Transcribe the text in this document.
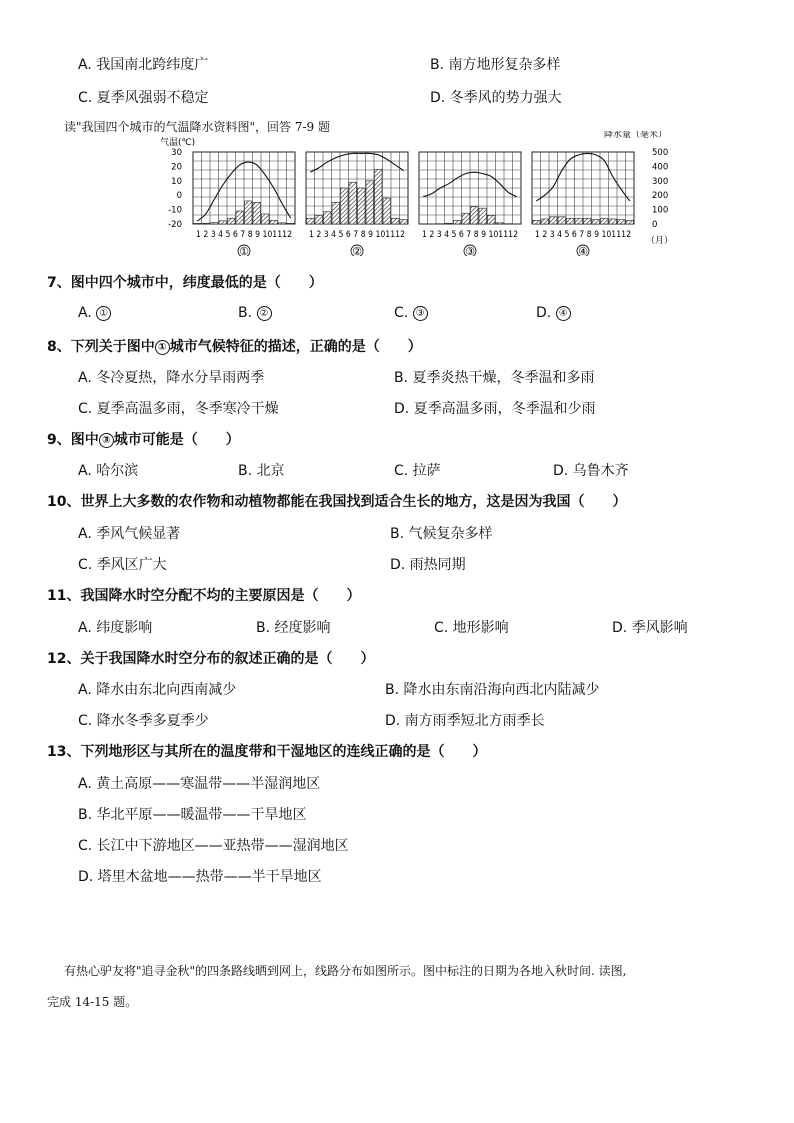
A. 我国南北跨纬度广	B. 南方地形复杂多样
C. 夏季风强弱不稳定	D. 冬季风的势力强大
读"我国四个城市的气温降水资料图"，回答 7-9 题
气温(℃)
降水量（毫米）
30
20
10
0
-10
-20
500
400
300
200
100
0
1 2 3 4 5 6 7 8 9 101112
①
1 2 3 4 5 6 7 8 9 101112
②
1 2 3 4 5 6 7 8 9 101112
③
1 2 3 4 5 6 7 8 9 101112
④
（月）
7、图中四个城市中，纬度最低的是（　　）
A. ①	B. ②	C. ③	D. ④
8、下列关于图中 ① 城市气候特征的描述，正确的是（　　）
A. 冬冷夏热，降水分旱雨两季	B. 夏季炎热干燥，冬季温和多雨
C. 夏季高温多雨，冬季寒冷干燥	D. 夏季高温多雨，冬季温和少雨
9、图中 ③ 城市可能是（　　）
A. 哈尔滨	B. 北京	C. 拉萨	D. 乌鲁木齐
10、世界上大多数的农作物和动植物都能在我国找到适合生长的地方，这是因为我国（　　）
A. 季风气候显著	B. 气候复杂多样
C. 季风区广大	D. 雨热同期
11、我国降水时空分配不均的主要原因是（　　）
A. 纬度影响	B. 经度影响	C. 地形影响	D. 季风影响
12、关于我国降水时空分布的叙述正确的是（　　）
A. 降水由东北向西南减少	B. 降水由东南沿海向西北内陆减少
C. 降水冬季多夏季少	D. 南方雨季短北方雨季长
13、下列地形区与其所在的温度带和干湿地区的连线正确的是（　　）
A. 黄土高原——寒温带——半湿润地区
B. 华北平原——暖温带——干旱地区
C. 长江中下游地区——亚热带——湿润地区
D. 塔里木盆地——热带——半干旱地区
有热心驴友将"追寻金秋"的四条路线晒到网上，线路分布如图所示。图中标注的日期为各地入秋时间. 读图,
完成 14-15 题。
